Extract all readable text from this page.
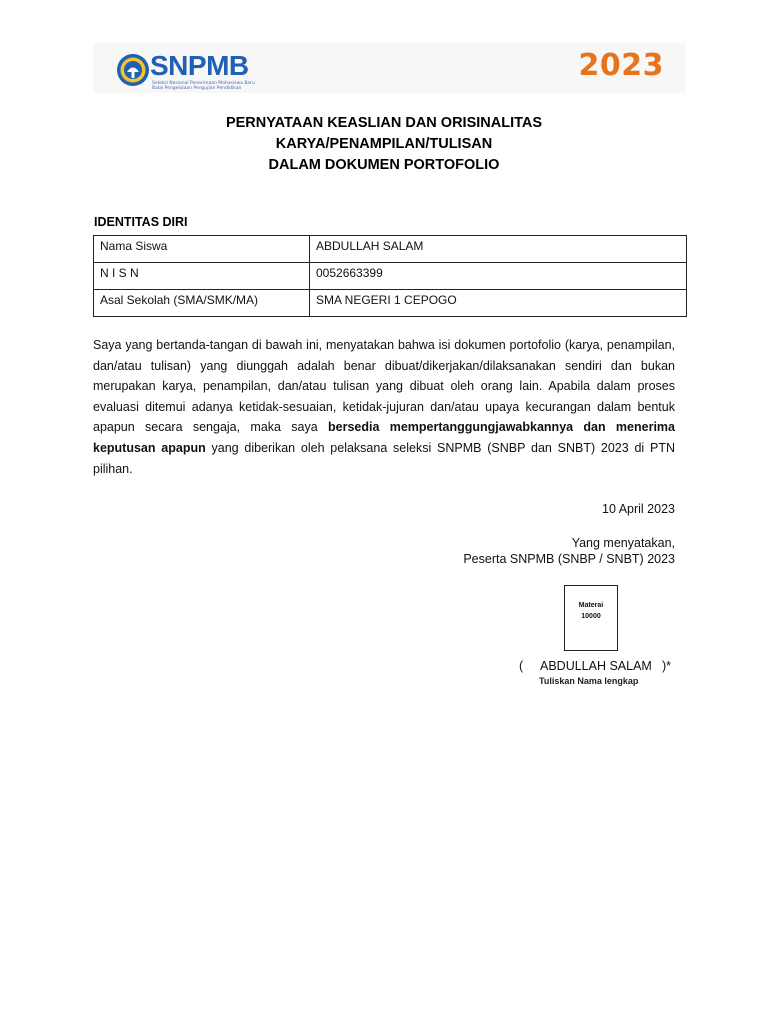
SNPMB
Seleksi Nasional Penerimaan Mahasiswa Baru
Balai Pengelolaan Pengujian Pendidikan
2023
PERNYATAAN KEASLIAN DAN ORISINALITAS
KARYA/PENAMPILAN/TULISAN
DALAM DOKUMEN PORTOFOLIO
IDENTITAS DIRI
Nama Siswa	ABDULLAH SALAM
N I S N	0052663399
Asal Sekolah (SMA/SMK/MA)	SMA NEGERI 1 CEPOGO

Saya yang bertanda-tangan di bawah ini, menyatakan bahwa isi dokumen portofolio (karya, penampilan, dan/atau tulisan) yang diunggah adalah benar dibuat/dikerjakan/dilaksanakan sendiri dan bukan merupakan karya, penampilan, dan/atau tulisan yang dibuat oleh orang lain. Apabila dalam proses evaluasi ditemui adanya ketidak-sesuaian, ketidak-jujuran dan/atau upaya kecurangan dalam bentuk apapun secara sengaja, maka saya bersedia mempertanggungjawabkannya dan menerima keputusan apapun yang diberikan oleh pelaksana seleksi SNPMB (SNBP dan SNBT) 2023 di PTN pilihan.

10 April 2023
Yang menyatakan,
Peserta SNPMB (SNBP / SNBT) 2023
Materai
10000
( ABDULLAH SALAM )*
Tuliskan Nama lengkap
